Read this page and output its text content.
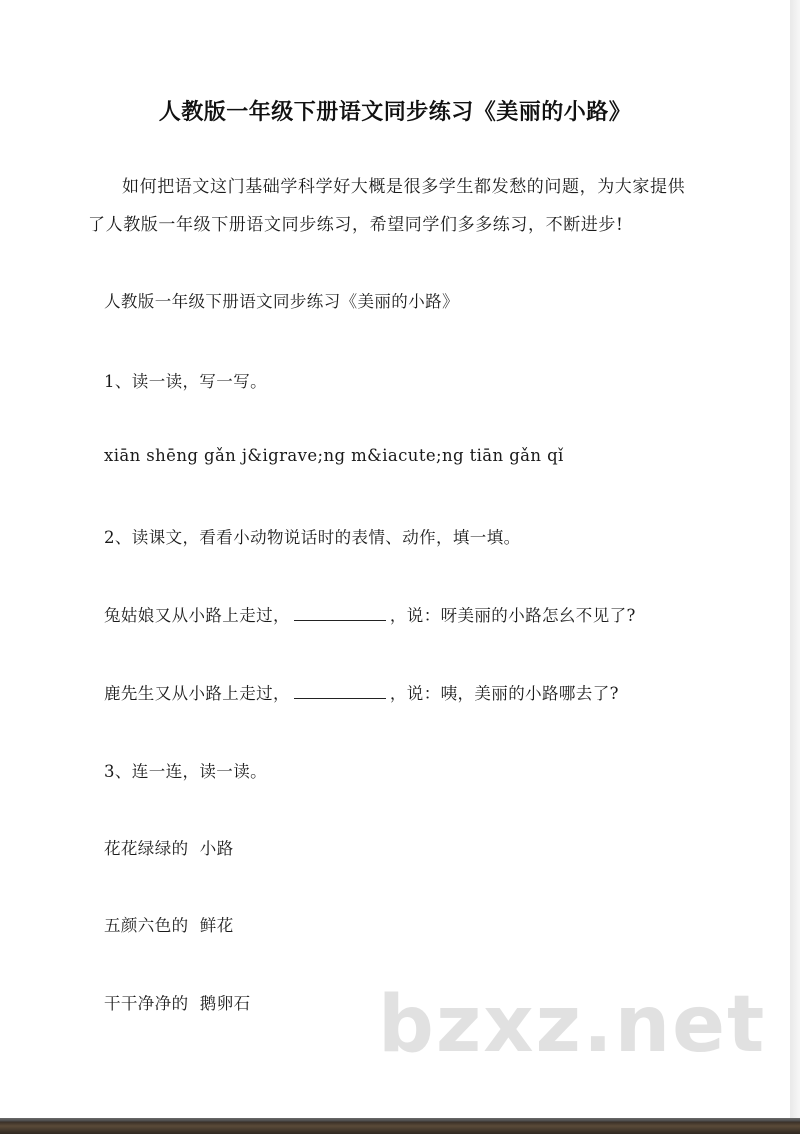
人教版一年级下册语文同步练习《美丽的小路》
如何把语文这门基础学科学好大概是很多学生都发愁的问题，为大家提供了人教版一年级下册语文同步练习，希望同学们多多练习，不断进步!
人教版一年级下册语文同步练习《美丽的小路》
1、读一读，写一写。
xiān shēng gǎn j&igrave;ng m&iacute;ng tiān gǎn qǐ
2、读课文，看看小动物说话时的表情、动作，填一填。
兔姑娘又从小路上走过，	，说：呀美丽的小路怎幺不见了?
鹿先生又从小路上走过，	，说：咦，美丽的小路哪去了?
3、连一连，读一读。
花花绿绿的  小路
五颜六色的  鲜花
干干净净的  鹅卵石 bzxz.net
